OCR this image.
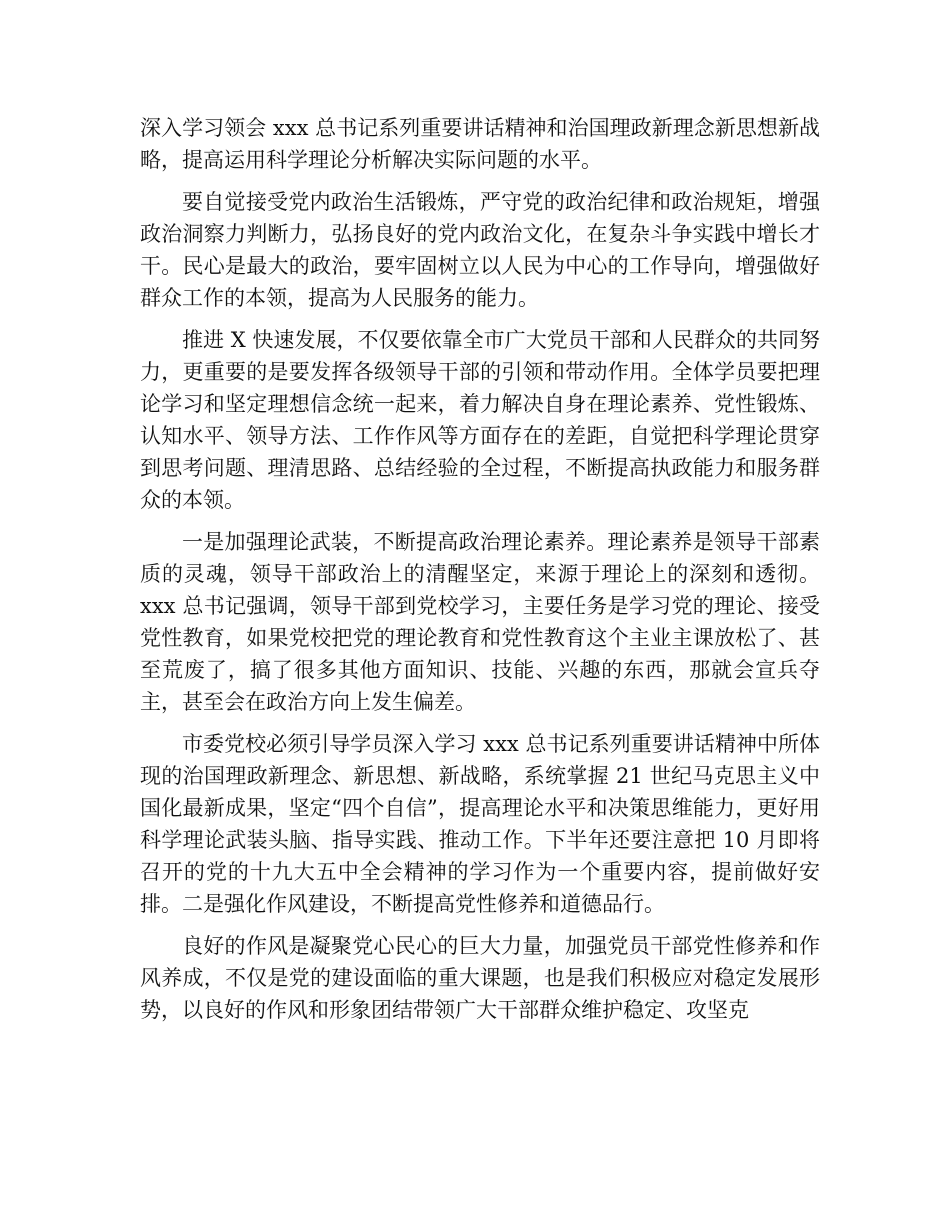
深入学习领会 xxx 总书记系列重要讲话精神和治国理政新理念新思想新战略，提高运用科学理论分析解决实际问题的水平。

要自觉接受党内政治生活锻炼，严守党的政治纪律和政治规矩，增强政治洞察力判断力，弘扬良好的党内政治文化，在复杂斗争实践中增长才干。民心是最大的政治，要牢固树立以人民为中心的工作导向，增强做好群众工作的本领，提高为人民服务的能力。

推进 X 快速发展，不仅要依靠全市广大党员干部和人民群众的共同努力，更重要的是要发挥各级领导干部的引领和带动作用。全体学员要把理论学习和坚定理想信念统一起来，着力解决自身在理论素养、党性锻炼、认知水平、领导方法、工作作风等方面存在的差距，自觉把科学理论贯穿到思考问题、理清思路、总结经验的全过程，不断提高执政能力和服务群众的本领。

一是加强理论武装，不断提高政治理论素养。理论素养是领导干部素质的灵魂，领导干部政治上的清醒坚定，来源于理论上的深刻和透彻。xxx 总书记强调，领导干部到党校学习，主要任务是学习党的理论、接受党性教育，如果党校把党的理论教育和党性教育这个主业主课放松了、甚至荒废了，搞了很多其他方面知识、技能、兴趣的东西，那就会宣兵夺主，甚至会在政治方向上发生偏差。

市委党校必须引导学员深入学习 xxx 总书记系列重要讲话精神中所体现的治国理政新理念、新思想、新战略，系统掌握 21 世纪马克思主义中国化最新成果，坚定“四个自信”，提高理论水平和决策思维能力，更好用科学理论武装头脑、指导实践、推动工作。下半年还要注意把 10 月即将召开的党的十九大五中全会精神的学习作为一个重要内容，提前做好安排。二是强化作风建设，不断提高党性修养和道德品行。

良好的作风是凝聚党心民心的巨大力量，加强党员干部党性修养和作风养成，不仅是党的建设面临的重大课题，也是我们积极应对稳定发展形势，以良好的作风和形象团结带领广大干部群众维护稳定、攻坚克
